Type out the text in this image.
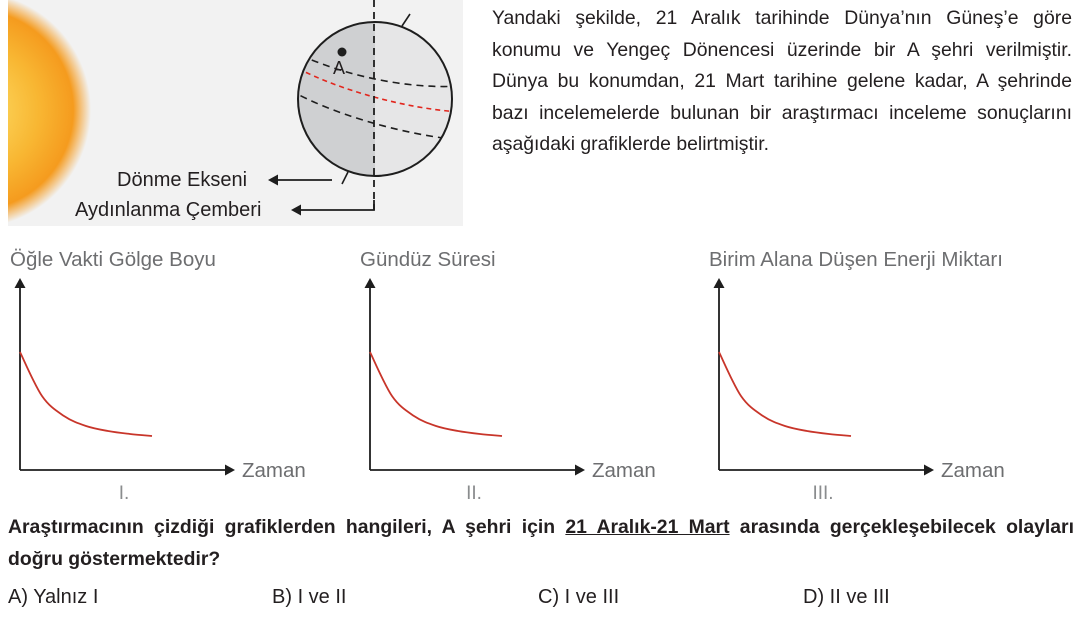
A
Dönme Ekseni
Aydınlanma Çemberi
Yandaki şekilde, 21 Aralık tarihinde Dünya’nın Güneş’e göre konumu ve Yengeç Dönencesi üzerinde bir A şehri verilmiştir. Dünya bu konumdan, 21 Mart tarihine gelene kadar, A şehrinde bazı incelemelerde bulunan bir araştırmacı inceleme sonuçlarını aşağıdaki grafiklerde belirtmiştir.
Öğle Vakti Gölge Boyu
Zaman
I.
Gündüz Süresi
Zaman
II.
Birim Alana Düşen Enerji Miktarı
Zaman
III.
Araştırmacının çizdiği grafiklerden hangileri, A şehri için 21 Aralık-21 Mart arasında gerçekleşebilecek olayları doğru göstermektedir?
A) Yalnız I	B) I ve II	C) I ve III	D) II ve III
